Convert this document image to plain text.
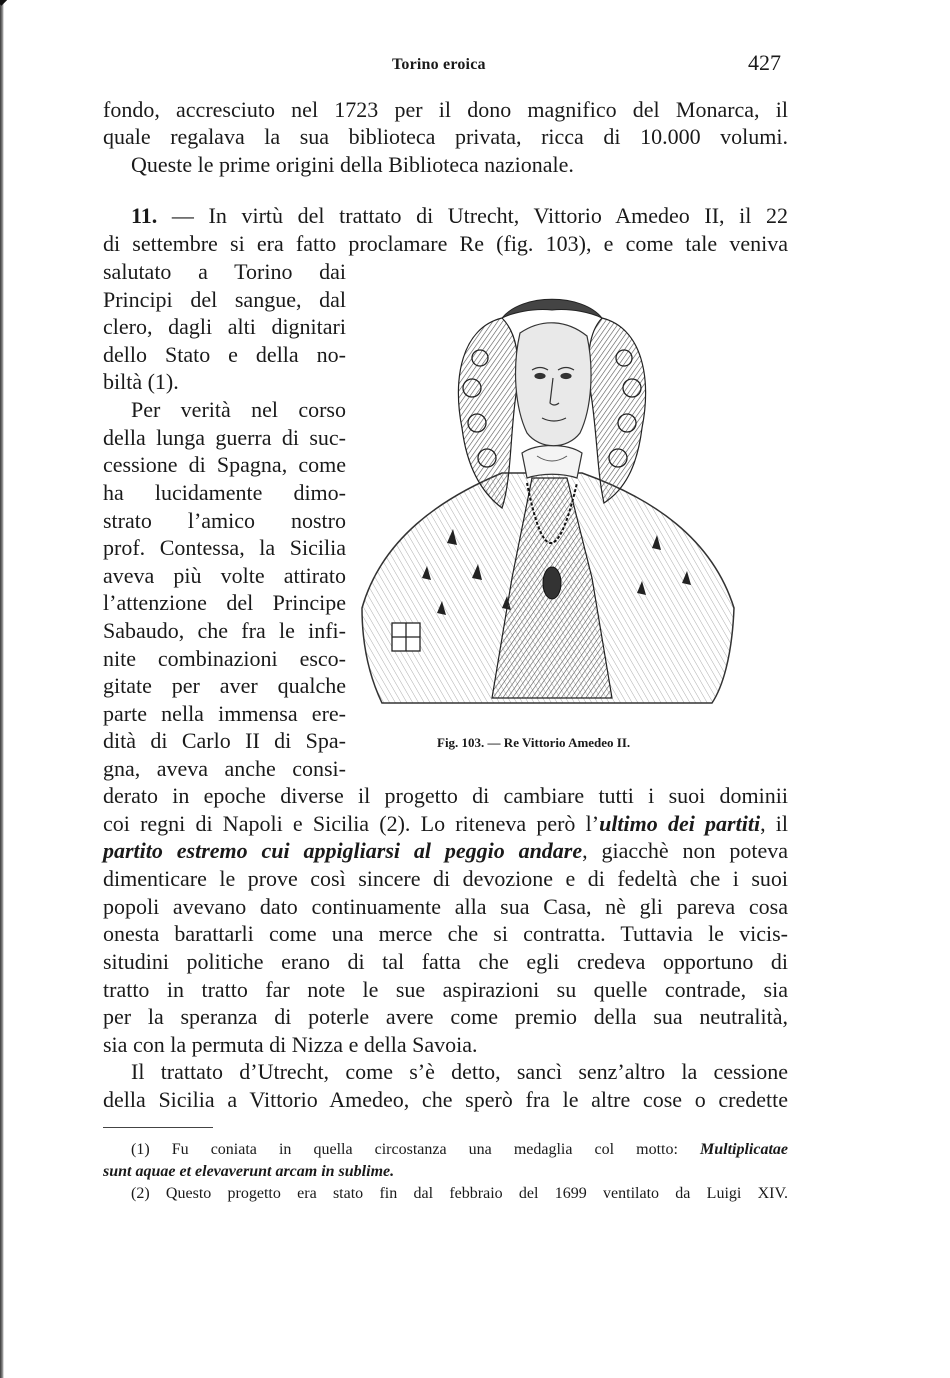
Torino eroica	427
fondo, accresciuto nel 1723 per il dono magnifico del Monarca, il
quale regalava la sua biblioteca privata, ricca di 10.000 volumi.
Queste le prime origini della Biblioteca nazionale.
11. — In virtù del trattato di Utrecht, Vittorio Amedeo II, il 22
di settembre si era fatto proclamare Re (fig. 103), e come tale veniva
salutato a Torino dai
Principi del sangue, dal
clero, dagli alti dignitari
dello Stato e della no-
biltà (1).
Per verità nel corso
della lunga guerra di suc-
cessione di Spagna, come
ha lucidamente dimo-
strato l’amico nostro
prof. Contessa, la Sicilia
aveva più volte attirato
l’attenzione del Principe
Sabaudo, che fra le infi-
nite combinazioni esco-
gitate per aver qualche
parte nella immensa ere-
dità di Carlo II di Spa-
gna, aveva anche consi-
Fig. 103. — Re Vittorio Amedeo II.
derato in epoche diverse il progetto di cambiare tutti i suoi dominii
coi regni di Napoli e Sicilia (2). Lo riteneva però l’ultimo dei partiti, il
partito estremo cui appigliarsi al peggio andare, giacchè non poteva
dimenticare le prove così sincere di devozione e di fedeltà che i suoi
popoli avevano dato continuamente alla sua Casa, nè gli pareva cosa
onesta barattarli come una merce che si contratta. Tuttavia le vicis-
situdini politiche erano di tal fatta che egli credeva opportuno di
tratto in tratto far note le sue aspirazioni su quelle contrade, sia
per la speranza di poterle avere come premio della sua neutralità,
sia con la permuta di Nizza e della Savoia.
Il trattato d’Utrecht, come s’è detto, sancì senz’altro la cessione
della Sicilia a Vittorio Amedeo, che sperò fra le altre cose o credette
(1) Fu coniata in quella circostanza una medaglia col motto: Multiplicatae
sunt aquae et elevaverunt arcam in sublime.
(2) Questo progetto era stato fin dal febbraio del 1699 ventilato da Luigi XIV.
